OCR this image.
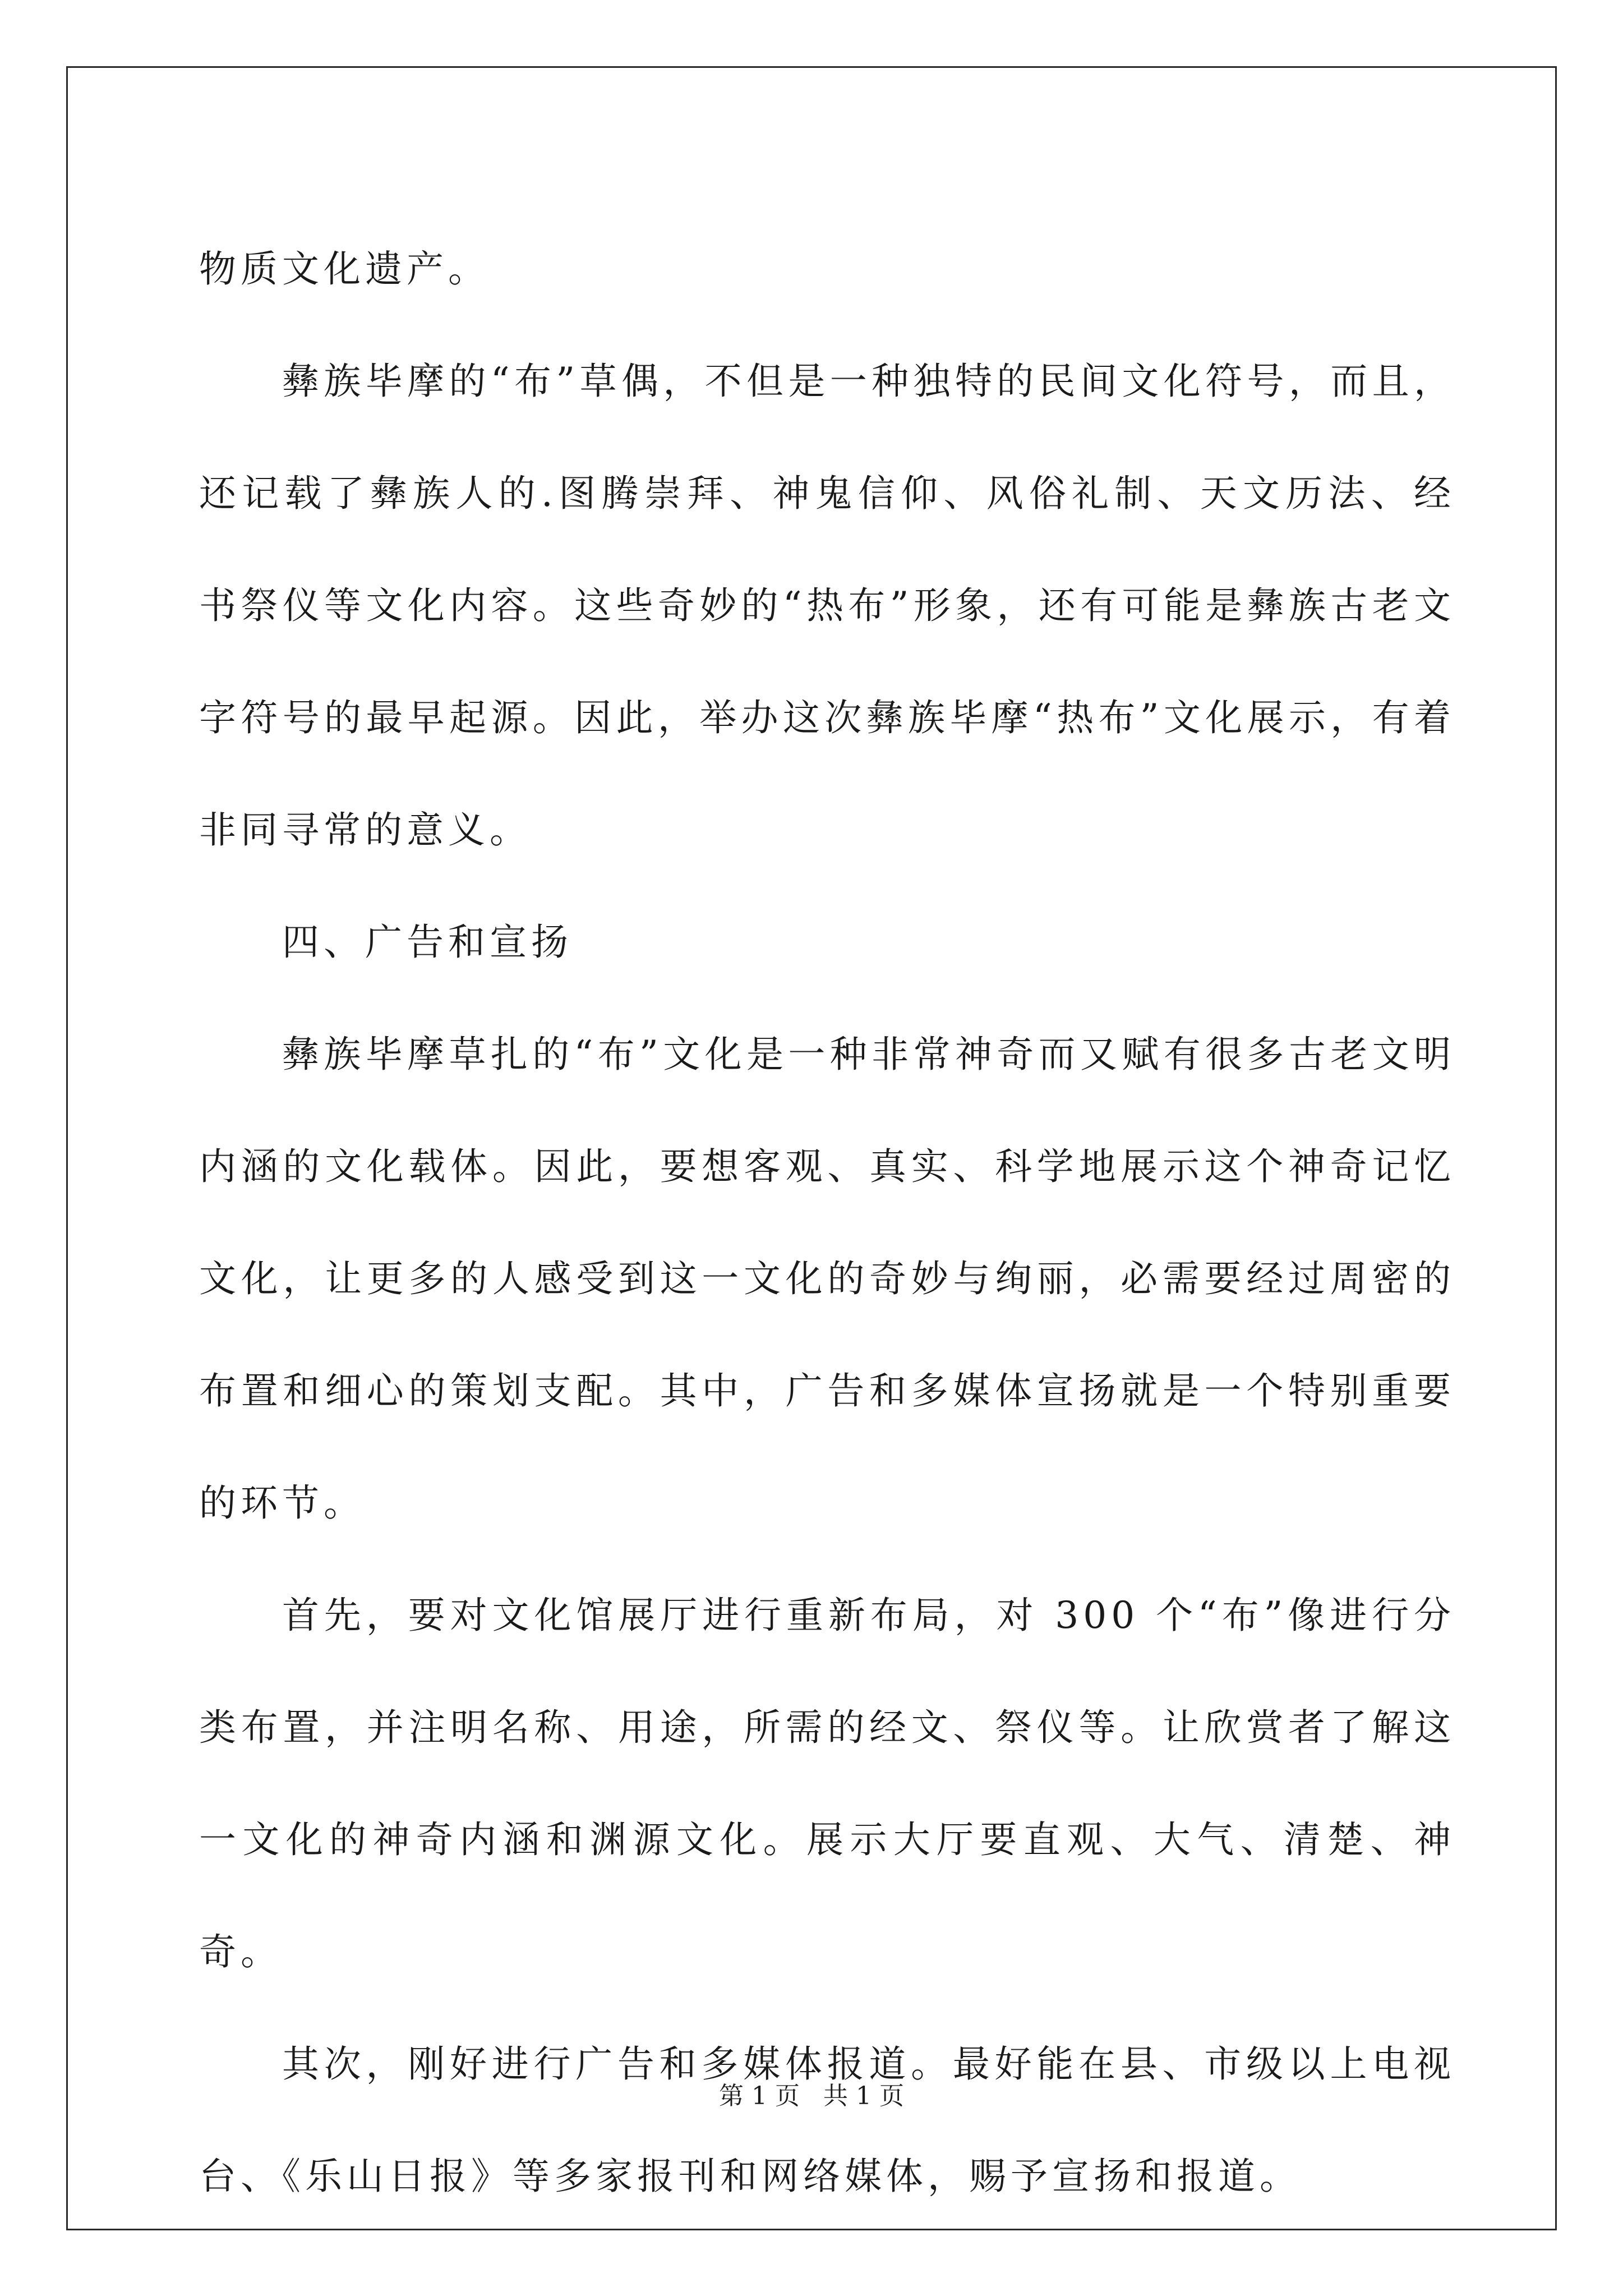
物质文化遗产。

彝族毕摩的“布”草偶，不但是一种独特的民间文化符号，而且，还记载了彝族人的.图腾崇拜、神鬼信仰、风俗礼制、天文历法、经书祭仪等文化内容。这些奇妙的“热布”形象，还有可能是彝族古老文字符号的最早起源。因此，举办这次彝族毕摩“热布”文化展示，有着非同寻常的意义。

四、广告和宣扬

彝族毕摩草扎的“布”文化是一种非常神奇而又赋有很多古老文明内涵的文化载体。因此，要想客观、真实、科学地展示这个神奇记忆文化，让更多的人感受到这一文化的奇妙与绚丽，必需要经过周密的布置和细心的策划支配。其中，广告和多媒体宣扬就是一个特别重要的环节。

首先，要对文化馆展厅进行重新布局，对 300 个“布”像进行分类布置，并注明名称、用途，所需的经文、祭仪等。让欣赏者了解这一文化的神奇内涵和渊源文化。展示大厅要直观、大气、清楚、神奇。

其次，刚好进行广告和多媒体报道。最好能在县、市级以上电视台、《乐山日报》等多家报刊和网络媒体，赐予宣扬和报道。

第 1 页 共 1 页
